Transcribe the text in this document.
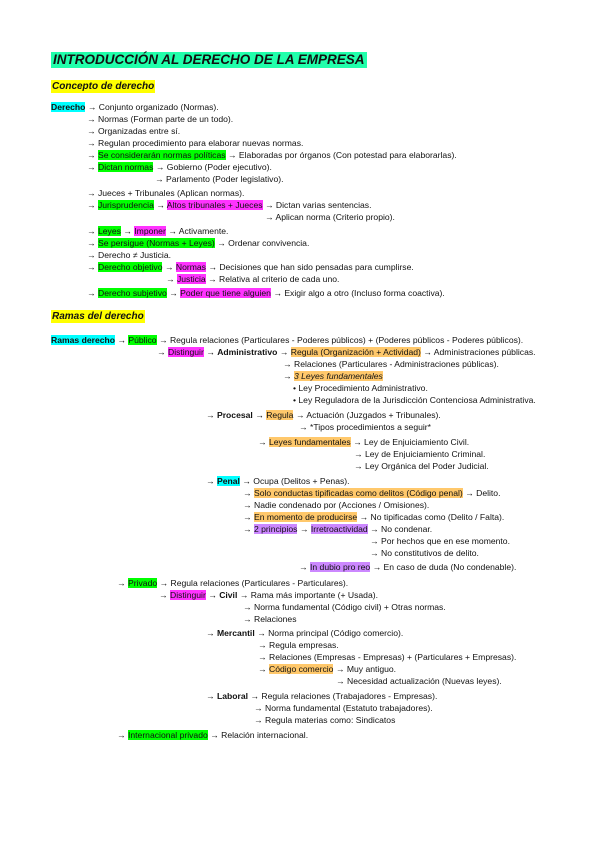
INTRODUCCIÓN AL DERECHO DE LA EMPRESA
Concepto de derecho
Derecho → Conjunto organizado (Normas).
→ Normas (Forman parte de un todo).
→ Organizadas entre sí.
→ Regulan procedimiento para elaborar nuevas normas.
→ Se considerarán normas políticas → Elaboradas por órganos (Con potestad para elaborarlas).
→ Dictan normas → Gobierno (Poder ejecutivo).
→ Parlamento (Poder legislativo).
→ Jueces + Tribunales (Aplican normas).
→ Jurisprudencia → Altos tribunales + Jueces → Dictan varias sentencias.
→ Aplican norma (Criterio propio).
→ Leyes → Imponer → Activamente.
→ Se persigue (Normas + Leyes) → Ordenar convivencia.
→ Derecho ≠ Justicia.
→ Derecho objetivo → Normas → Decisiones que han sido pensadas para cumplirse.
→ Justicia → Relativa al criterio de cada uno.
→ Derecho subjetivo → Poder que tiene alguien → Exigir algo a otro (Incluso forma coactiva).
Ramas del derecho
Ramas derecho → Público → Regula relaciones (Particulares - Poderes públicos) + (Poderes públicos - Poderes públicos).
→ Distinguir → Administrativo → Regula (Organización + Actividad) → Administraciones públicas.
→ Relaciones (Particulares - Administraciones públicas).
→ 3 Leyes fundamentales
• Ley Procedimiento Administrativo.
• Ley Reguladora de la Jurisdicción Contenciosa Administrativa.
→ Procesal → Regula → Actuación (Juzgados + Tribunales).
→ *Tipos procedimientos a seguir*
→ Leyes fundamentales → Ley de Enjuiciamiento Civil.
→ Ley de Enjuiciamiento Criminal.
→ Ley Orgánica del Poder Judicial.
→ Penal → Ocupa (Delitos + Penas).
→ Solo conductas tipificadas como delitos (Código penal) → Delito.
→ Nadie condenado por (Acciones / Omisiones).
→ En momento de producirse → No tipificadas como (Delito / Falta).
→ 2 principios → Irretroactividad → No condenar.
→ Por hechos que en ese momento.
→ No constitutivos de delito.
→ In dubio pro reo → En caso de duda (No condenable).
→ Privado → Regula relaciones (Particulares - Particulares).
→ Distinguir → Civil → Rama más importante (+ Usada).
→ Norma fundamental (Código civil) + Otras normas.
→ Relaciones
→ Mercantil → Norma principal (Código comercio).
→ Regula empresas.
→ Relaciones (Empresas - Empresas) + (Particulares + Empresas).
→ Código comercio → Muy antiguo.
→ Necesidad actualización (Nuevas leyes).
→ Laboral → Regula relaciones (Trabajadores - Empresas).
→ Norma fundamental (Estatuto trabajadores).
→ Regula materias como: Sindicatos
→ Internacional privado → Relación internacional.
